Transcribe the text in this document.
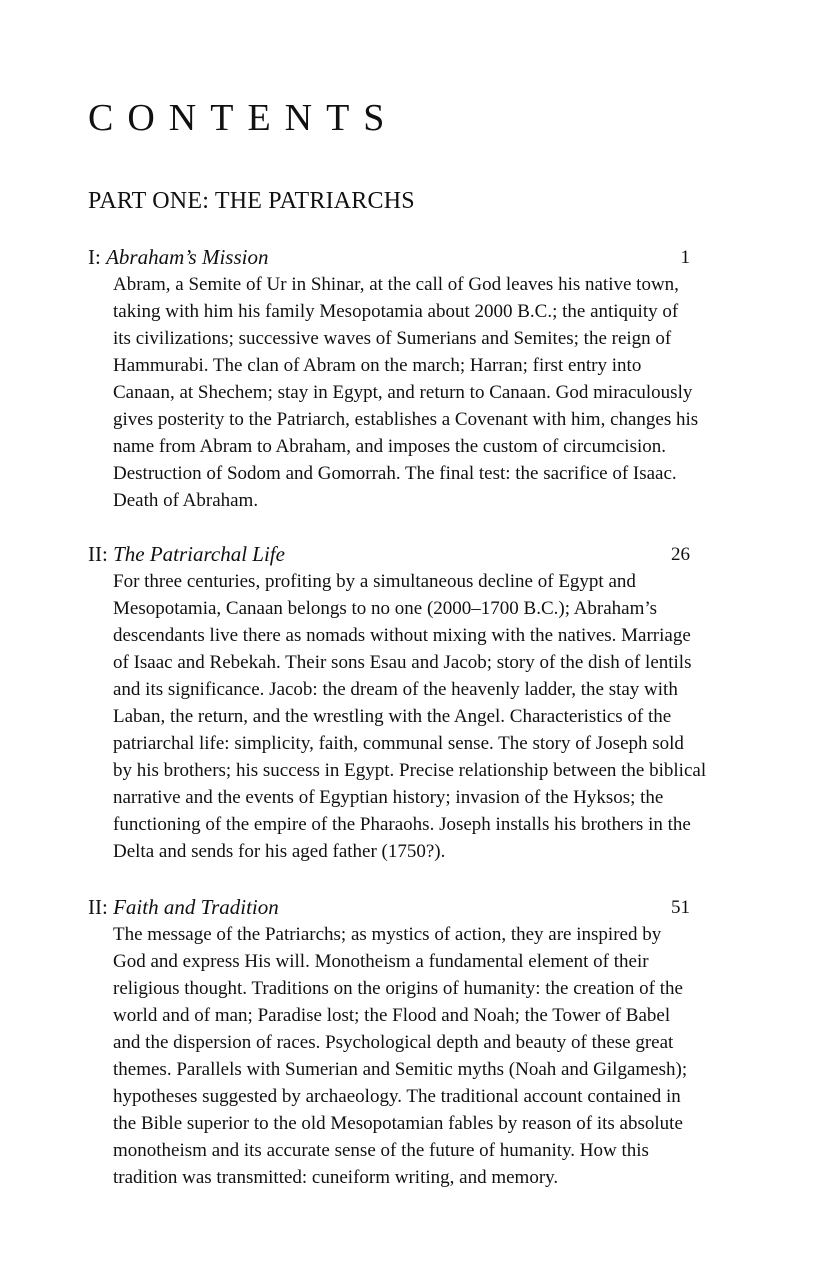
CONTENTS
PART ONE: THE PATRIARCHS
I: Abraham’s Mission	1
Abram, a Semite of Ur in Shinar, at the call of God leaves his native town,
taking with him his family Mesopotamia about 2000 B.C.; the antiquity of
its civilizations; successive waves of Sumerians and Semites; the reign of
Hammurabi. The clan of Abram on the march; Harran; first entry into
Canaan, at Shechem; stay in Egypt, and return to Canaan. God miraculously
gives posterity to the Patriarch, establishes a Covenant with him, changes his
name from Abram to Abraham, and imposes the custom of circumcision.
Destruction of Sodom and Gomorrah. The final test: the sacrifice of Isaac.
Death of Abraham.
II: The Patriarchal Life	26
For three centuries, profiting by a simultaneous decline of Egypt and
Mesopotamia, Canaan belongs to no one (2000–1700 B.C.); Abraham’s
descendants live there as nomads without mixing with the natives. Marriage
of Isaac and Rebekah. Their sons Esau and Jacob; story of the dish of lentils
and its significance. Jacob: the dream of the heavenly ladder, the stay with
Laban, the return, and the wrestling with the Angel. Characteristics of the
patriarchal life: simplicity, faith, communal sense. The story of Joseph sold
by his brothers; his success in Egypt. Precise relationship between the biblical
narrative and the events of Egyptian history; invasion of the Hyksos; the
functioning of the empire of the Pharaohs. Joseph installs his brothers in the
Delta and sends for his aged father (1750?).
II: Faith and Tradition	51
The message of the Patriarchs; as mystics of action, they are inspired by
God and express His will. Monotheism a fundamental element of their
religious thought. Traditions on the origins of humanity: the creation of the
world and of man; Paradise lost; the Flood and Noah; the Tower of Babel
and the dispersion of races. Psychological depth and beauty of these great
themes. Parallels with Sumerian and Semitic myths (Noah and Gilgamesh);
hypotheses suggested by archaeology. The traditional account contained in
the Bible superior to the old Mesopotamian fables by reason of its absolute
monotheism and its accurate sense of the future of humanity. How this
tradition was transmitted: cuneiform writing, and memory.
